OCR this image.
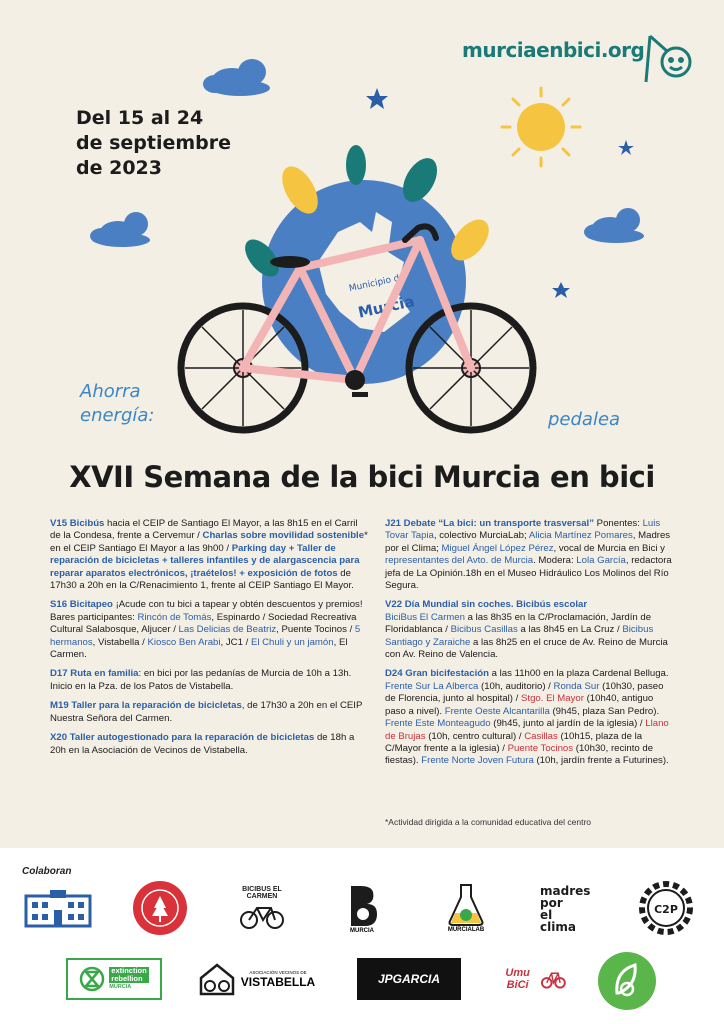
Municipio de
Murcia
murciaenbici.org
Del 15 al 24
de septiembre
de 2023
Ahorra
energía:	pedalea
XVII Semana de la bici Murcia en bici
V15 Bicibús hacia el CEIP de Santiago El Mayor, a las 8h15 en el Carril de la Condesa, frente a Cervemur / Charlas sobre movilidad sostenible* en el CEIP Santiago El Mayor a las 9h00 / Parking day + Taller de reparación de bicicletas + talleres infantiles y de alargascencia para reparar aparatos electrónicos, ¡traételos! + exposición de fotos de 17h30 a 20h en la C/Renacimiento 1, frente al CEIP Santiago El Mayor.
S16 Bicitapeo ¡Acude con tu bici a tapear y obtén descuentos y premios! Bares participantes: Rincón de Tomás, Espinardo / Sociedad Recreativa Cultural Salabosque, Aljucer / Las Delicias de Beatriz, Puente Tocinos / 5 hermanos, Vistabella / Kiosco Ben Arabi, JC1 / El Chuli y un jamón, El Carmen.
D17 Ruta en familia: en bici por las pedanías de Murcia de 10h a 13h. Inicio en la Pza. de los Patos de Vistabella.
M19 Taller para la reparación de bicicletas, de 17h30 a 20h en el CEIP Nuestra Señora del Carmen.
X20 Taller autogestionado para la reparación de bicicletas de 18h a 20h en la Asociación de Vecinos de Vistabella.
J21 Debate “La bici: un transporte trasversal” Ponentes: Luis Tovar Tapia, colectivo MurciaLab; Alicia Martínez Pomares, Madres por el Clima; Miguel Ángel López Pérez, vocal de Murcia en Bici y representantes del Avto. de Murcia. Modera: Lola García, redactora jefa de La Opinión.18h en el Museo Hidráulico Los Molinos del Río Segura.
V22 Día Mundial sin coches. Bicibús escolar
BiciBus El Carmen a las 8h35 en la C/Proclamación, Jardín de Floridablanca / Bicibus Casillas a las 8h45 en La Cruz / Bicibus Santiago y Zaraiche a las 8h25 en el cruce de Av. Reino de Murcia con Av. Reino de Valencia.
D24 Gran bicifestación a las 11h00 en la plaza Cardenal Belluga. Frente Sur La Alberca (10h, auditorio) / Ronda Sur (10h30, paseo de Florencia, junto al hospital) / Stgo. El Mayor (10h40, antiguo paso a nivel). Frente Oeste Alcantarilla (9h45, plaza San Pedro). Frente Este Monteagudo (9h45, junto al jardín de la iglesia) / Llano de Brujas (10h, centro cultural) / Casillas (10h15, plaza de la C/Mayor frente a la iglesia) / Puente Tocinos (10h30, recinto de fiestas). Frente Norte Joven Futura (10h, jardín frente a Futurines).
*Actividad dirigida a la comunidad educativa del centro
Colaboran
BICIBUS EL CARMEN
MURCIA	MURCIALAB
madres
por
el
clima
C2P
extinction
rebellion
MURCIA
ASOCIACIÓN VECINOS DE
VISTABELLA	JPGARCIA	Umu BiCi
